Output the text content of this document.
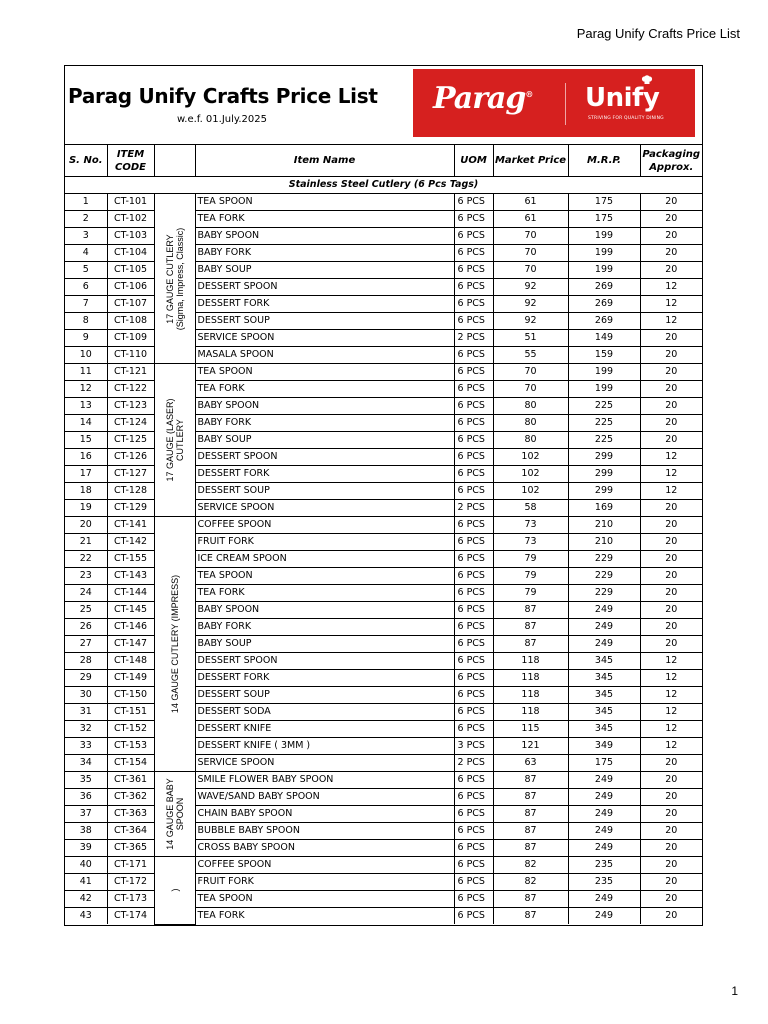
Parag Unify Crafts Price List
Parag Unify Crafts Price List
w.e.f. 01.July.2025
Parag® Unify
STRIVING FOR QUALITY DINING
S. No.	ITEM CODE		Item Name	UOM	Market Price	M.R.P.	Packaging Approx.
Stainless Steel Cutlery (6 Pcs Tags)							
1	CT-101	17 GAUGE CUTLERY (Sigma, Impress, Classic)	TEA SPOON	6 PCS	61	175	20
2	CT-102		TEA FORK	6 PCS	61	175	20
3	CT-103		BABY SPOON	6 PCS	70	199	20
4	CT-104		BABY FORK	6 PCS	70	199	20
5	CT-105		BABY SOUP	6 PCS	70	199	20
6	CT-106		DESSERT SPOON	6 PCS	92	269	12
7	CT-107		DESSERT FORK	6 PCS	92	269	12
8	CT-108		DESSERT SOUP	6 PCS	92	269	12
9	CT-109		SERVICE SPOON	2 PCS	51	149	20
10	CT-110		MASALA SPOON	6 PCS	55	159	20
11	CT-121	17 GAUGE (LASER) CUTLERY	TEA SPOON	6 PCS	70	199	20
12	CT-122		TEA FORK	6 PCS	70	199	20
13	CT-123		BABY SPOON	6 PCS	80	225	20
14	CT-124		BABY FORK	6 PCS	80	225	20
15	CT-125		BABY SOUP	6 PCS	80	225	20
16	CT-126		DESSERT SPOON	6 PCS	102	299	12
17	CT-127		DESSERT FORK	6 PCS	102	299	12
18	CT-128		DESSERT SOUP	6 PCS	102	299	12
19	CT-129		SERVICE SPOON	2 PCS	58	169	20
20	CT-141	14 GAUGE CUTLERY (IMPRESS)	COFFEE SPOON	6 PCS	73	210	20
21	CT-142		FRUIT FORK	6 PCS	73	210	20
22	CT-155		ICE CREAM SPOON	6 PCS	79	229	20
23	CT-143		TEA SPOON	6 PCS	79	229	20
24	CT-144		TEA FORK	6 PCS	79	229	20
25	CT-145		BABY SPOON	6 PCS	87	249	20
26	CT-146		BABY FORK	6 PCS	87	249	20
27	CT-147		BABY SOUP	6 PCS	87	249	20
28	CT-148		DESSERT SPOON	6 PCS	118	345	12
29	CT-149		DESSERT FORK	6 PCS	118	345	12
30	CT-150		DESSERT SOUP	6 PCS	118	345	12
31	CT-151		DESSERT SODA	6 PCS	118	345	12
32	CT-152		DESSERT KNIFE	6 PCS	115	345	12
33	CT-153		DESSERT KNIFE ( 3MM )	3 PCS	121	349	12
34	CT-154		SERVICE SPOON	2 PCS	63	175	20
35	CT-361	14 GAUGE BABY SPOON	SMILE FLOWER BABY SPOON	6 PCS	87	249	20
36	CT-362		WAVE/SAND BABY SPOON	6 PCS	87	249	20
37	CT-363		CHAIN BABY SPOON	6 PCS	87	249	20
38	CT-364		BUBBLE BABY SPOON	6 PCS	87	249	20
39	CT-365		CROSS BABY SPOON	6 PCS	87	249	20
40	CT-171	)	COFFEE SPOON	6 PCS	82	235	20
41	CT-172		FRUIT FORK	6 PCS	82	235	20
42	CT-173		TEA SPOON	6 PCS	87	249	20
43	CT-174		TEA FORK	6 PCS	87	249	20
1
